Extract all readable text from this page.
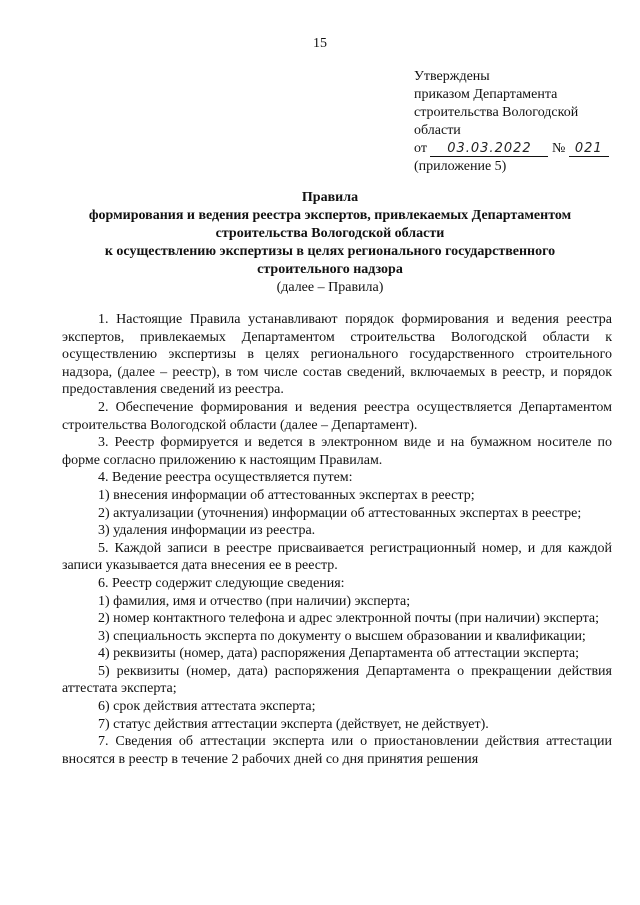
15
Утверждены
приказом Департамента
строительства Вологодской
области
от 03.03.2022 № 021
(приложение 5)
Правила
формирования и ведения реестра экспертов, привлекаемых Департаментом
строительства Вологодской области
к осуществлению экспертизы в целях регионального государственного
строительного надзора
(далее – Правила)

1. Настоящие Правила устанавливают порядок формирования и ведения реестра экспертов, привлекаемых Департаментом строительства Вологодской области к осуществлению экспертизы в целях регионального государственного строительного надзора, (далее – реестр), в том числе состав сведений, включаемых в реестр, и порядок предоставления сведений из реестра.

2. Обеспечение формирования и ведения реестра осуществляется Департаментом строительства Вологодской области (далее – Департамент).

3. Реестр формируется и ведется в электронном виде и на бумажном носителе по форме согласно приложению к настоящим Правилам.

4. Ведение реестра осуществляется путем:

1) внесения информации об аттестованных экспертах в реестр;

2) актуализации (уточнения) информации об аттестованных экспертах в реестре;

3) удаления информации из реестра.

5. Каждой записи в реестре присваивается регистрационный номер, и для каждой записи указывается дата внесения ее в реестр.

6. Реестр содержит следующие сведения:

1) фамилия, имя и отчество (при наличии) эксперта;

2) номер контактного телефона и адрес электронной почты (при наличии) эксперта;

3) специальность эксперта по документу о высшем образовании и квалификации;

4) реквизиты (номер, дата) распоряжения Департамента об аттестации эксперта;

5) реквизиты (номер, дата) распоряжения Департамента о прекращении действия аттестата эксперта;

6) срок действия аттестата эксперта;

7) статус действия аттестации эксперта (действует, не действует).

7. Сведения об аттестации эксперта или о приостановлении действия аттестации вносятся в реестр в течение 2 рабочих дней со дня принятия решения
